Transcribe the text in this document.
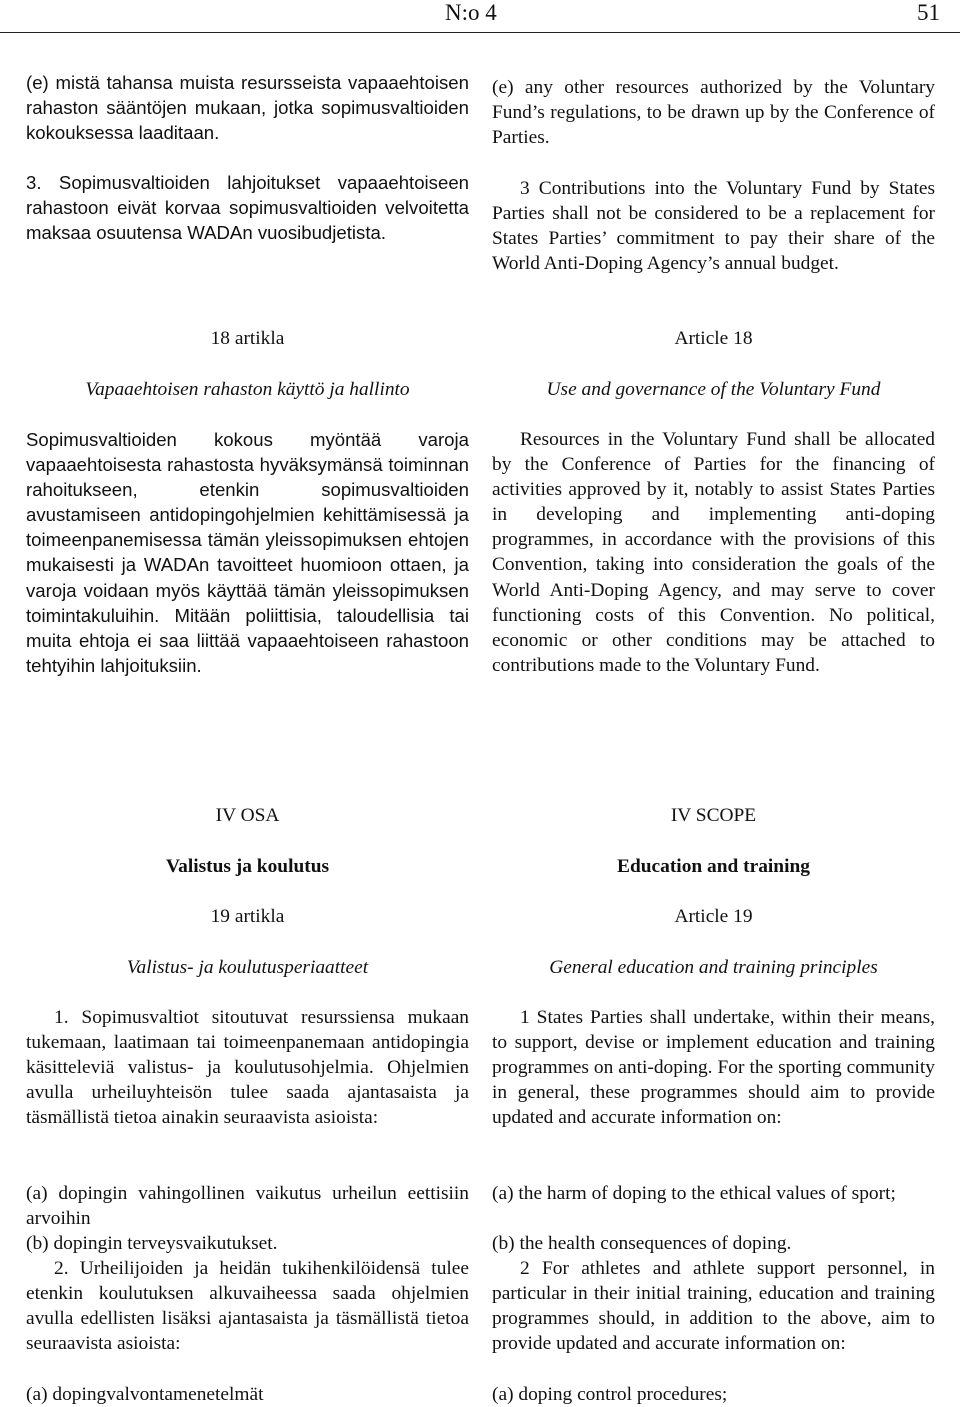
N:o 4	51
(e) mistä tahansa muista resursseista vapaaehtoisen rahaston sääntöjen mukaan, jotka sopimusvaltioiden kokouksessa laaditaan.
3. Sopimusvaltioiden lahjoitukset vapaaehtoiseen rahastoon eivät korvaa sopimusvaltioiden velvoitetta maksaa osuutensa WADAn vuosibudjetista.
18 artikla
Vapaaehtoisen rahaston käyttö ja hallinto
Sopimusvaltioiden kokous myöntää varoja vapaaehtoisesta rahastosta hyväksymänsä toiminnan rahoitukseen, etenkin sopimusvaltioiden avustamiseen antidopingohjelmien kehittämisessä ja toimeenpanemisessa tämän yleissopimuksen ehtojen mukaisesti ja WADAn tavoitteet huomioon ottaen, ja varoja voidaan myös käyttää tämän yleissopimuksen toimintakuluihin. Mitään poliittisia, taloudellisia tai muita ehtoja ei saa liittää vapaaehtoiseen rahastoon tehtyihin lahjoituksiin.
IV OSA
Valistus ja koulutus
19 artikla
Valistus- ja koulutusperiaatteet
1. Sopimusvaltiot sitoutuvat resurssiensa mukaan tukemaan, laatimaan tai toimeenpanemaan antidopingia käsitteleviä valistus- ja koulutusohjelmia. Ohjelmien avulla urheiluyhteisön tulee saada ajantasaista ja täsmällistä tietoa ainakin seuraavista asioista:
(a) dopingin vahingollinen vaikutus urheilun eettisiin arvoihin
(b) dopingin terveysvaikutukset.
2. Urheilijoiden ja heidän tukihenkilöidensä tulee etenkin koulutuksen alkuvaiheessa saada ohjelmien avulla edellisten lisäksi ajantasaista ja täsmällistä tietoa seuraavista asioista:
(a) dopingvalvontamenetelmät
(e) any other resources authorized by the Voluntary Fund’s regulations, to be drawn up by the Conference of Parties.
3 Contributions into the Voluntary Fund by States Parties shall not be considered to be a replacement for States Parties’ commitment to pay their share of the World Anti-Doping Agency’s annual budget.
Article 18
Use and governance of the Voluntary Fund
Resources in the Voluntary Fund shall be allocated by the Conference of Parties for the financing of activities approved by it, notably to assist States Parties in developing and implementing anti-doping programmes, in accordance with the provisions of this Convention, taking into consideration the goals of the World Anti-Doping Agency, and may serve to cover functioning costs of this Convention. No political, economic or other conditions may be attached to contributions made to the Voluntary Fund.
IV SCOPE
Education and training
Article 19
General education and training principles
1 States Parties shall undertake, within their means, to support, devise or implement education and training programmes on anti-doping. For the sporting community in general, these programmes should aim to provide updated and accurate information on:
(a) the harm of doping to the ethical values of sport;
(b) the health consequences of doping.
2 For athletes and athlete support personnel, in particular in their initial training, education and training programmes should, in addition to the above, aim to provide updated and accurate information on:
(a) doping control procedures;
